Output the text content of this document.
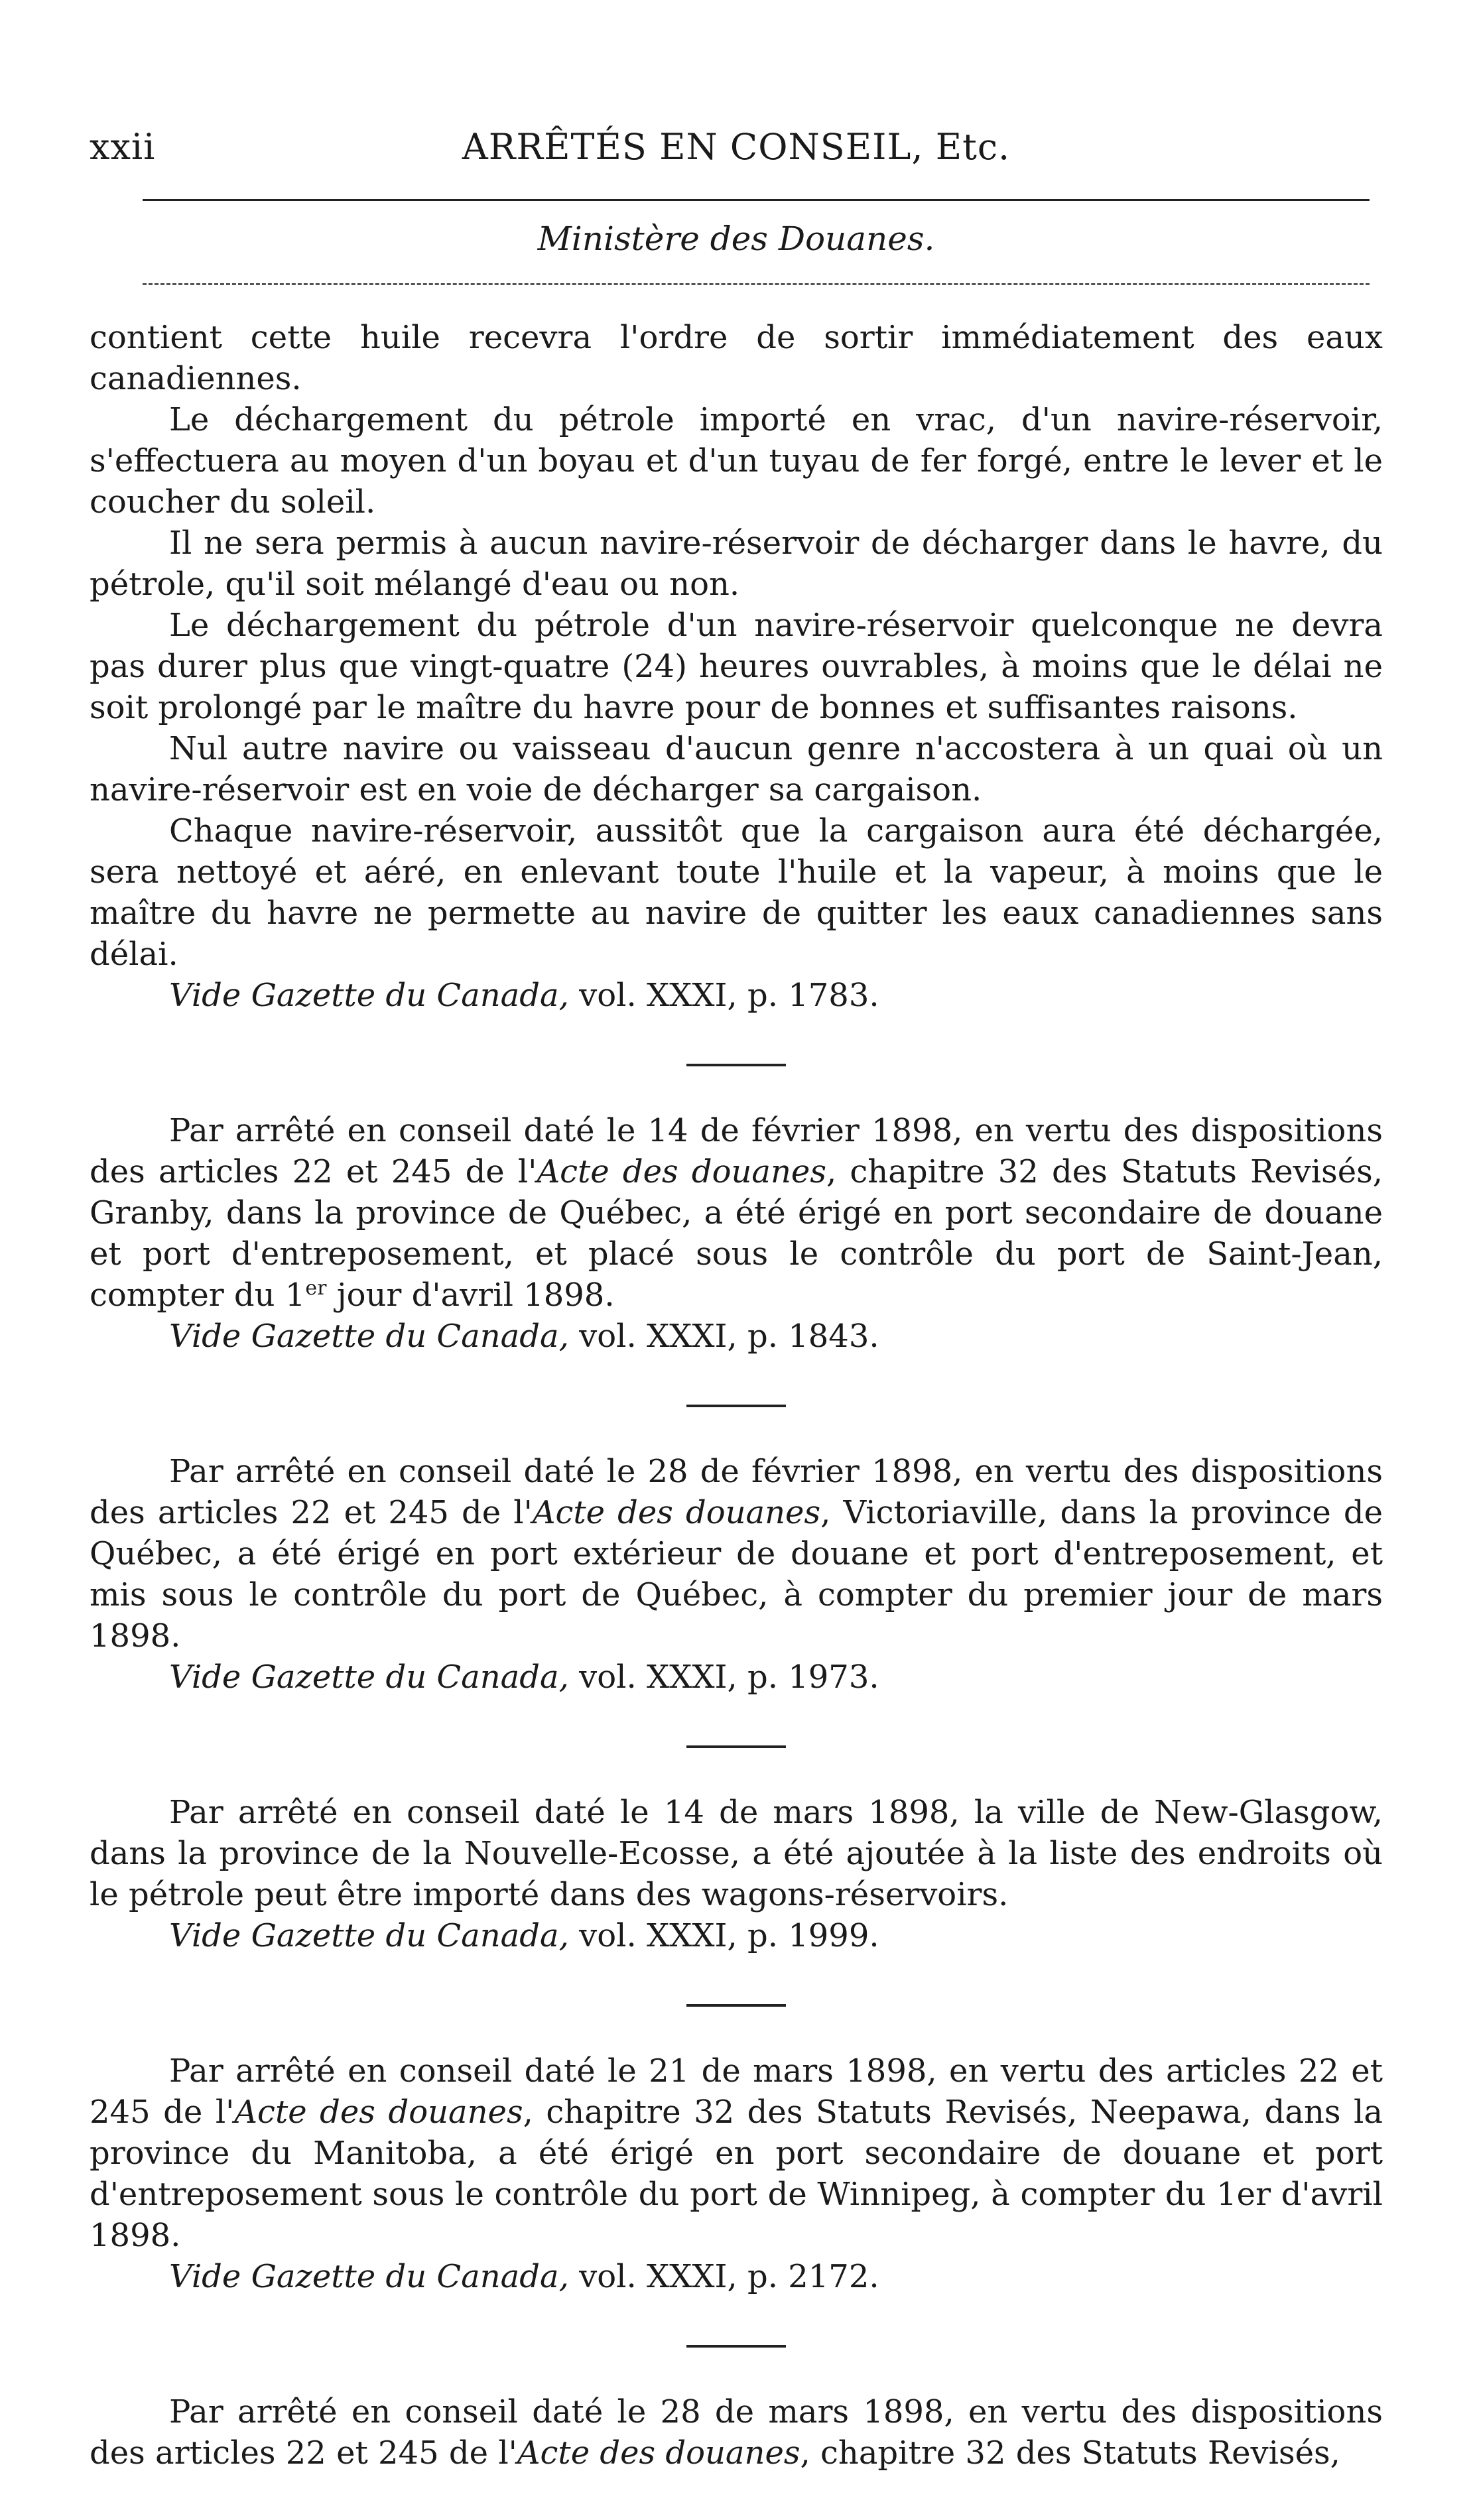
xxii	ARRÊTÉS EN CONSEIL, Etc.
Ministère des Douanes.

contient cette huile recevra l'ordre de sortir immédiatement des eaux canadiennes.

Le déchargement du pétrole importé en vrac, d'un navire-réservoir, s'effectuera au moyen d'un boyau et d'un tuyau de fer forgé, entre le lever et le coucher du soleil.

Il ne sera permis à aucun navire-réservoir de décharger dans le havre, du pétrole, qu'il soit mélangé d'eau ou non.

Le déchargement du pétrole d'un navire-réservoir quelconque ne devra pas durer plus que vingt-quatre (24) heures ouvrables, à moins que le délai ne soit prolongé par le maître du havre pour de bonnes et suffisantes raisons.

Nul autre navire ou vaisseau d'aucun genre n'accostera à un quai où un navire-réservoir est en voie de décharger sa cargaison.

Chaque navire-réservoir, aussitôt que la cargaison aura été déchargée, sera nettoyé et aéré, en enlevant toute l'huile et la vapeur, à moins que le maître du havre ne permette au navire de quitter les eaux canadiennes sans délai.

Vide Gazette du Canada, vol. XXXI, p. 1783.

Par arrêté en conseil daté le 14 de février 1898, en vertu des dispositions des articles 22 et 245 de l'Acte des douanes, chapitre 32 des Statuts Revisés, Granby, dans la province de Québec, a été érigé en port secondaire de douane et port d'entreposement, et placé sous le contrôle du port de Saint-Jean, compter du 1er jour d'avril 1898.

Vide Gazette du Canada, vol. XXXI, p. 1843.

Par arrêté en conseil daté le 28 de février 1898, en vertu des dispositions des articles 22 et 245 de l'Acte des douanes, Victoriaville, dans la province de Québec, a été érigé en port extérieur de douane et port d'entreposement, et mis sous le contrôle du port de Québec, à compter du premier jour de mars 1898.

Vide Gazette du Canada, vol. XXXI, p. 1973.

Par arrêté en conseil daté le 14 de mars 1898, la ville de New-Glasgow, dans la province de la Nouvelle-Ecosse, a été ajoutée à la liste des endroits où le pétrole peut être importé dans des wagons-réservoirs.

Vide Gazette du Canada, vol. XXXI, p. 1999.

Par arrêté en conseil daté le 21 de mars 1898, en vertu des articles 22 et 245 de l'Acte des douanes, chapitre 32 des Statuts Revisés, Neepawa, dans la province du Manitoba, a été érigé en port secondaire de douane et port d'entreposement sous le contrôle du port de Winnipeg, à compter du 1er d'avril 1898.

Vide Gazette du Canada, vol. XXXI, p. 2172.

Par arrêté en conseil daté le 28 de mars 1898, en vertu des dispositions des articles 22 et 245 de l'Acte des douanes, chapitre 32 des Statuts Revisés,
